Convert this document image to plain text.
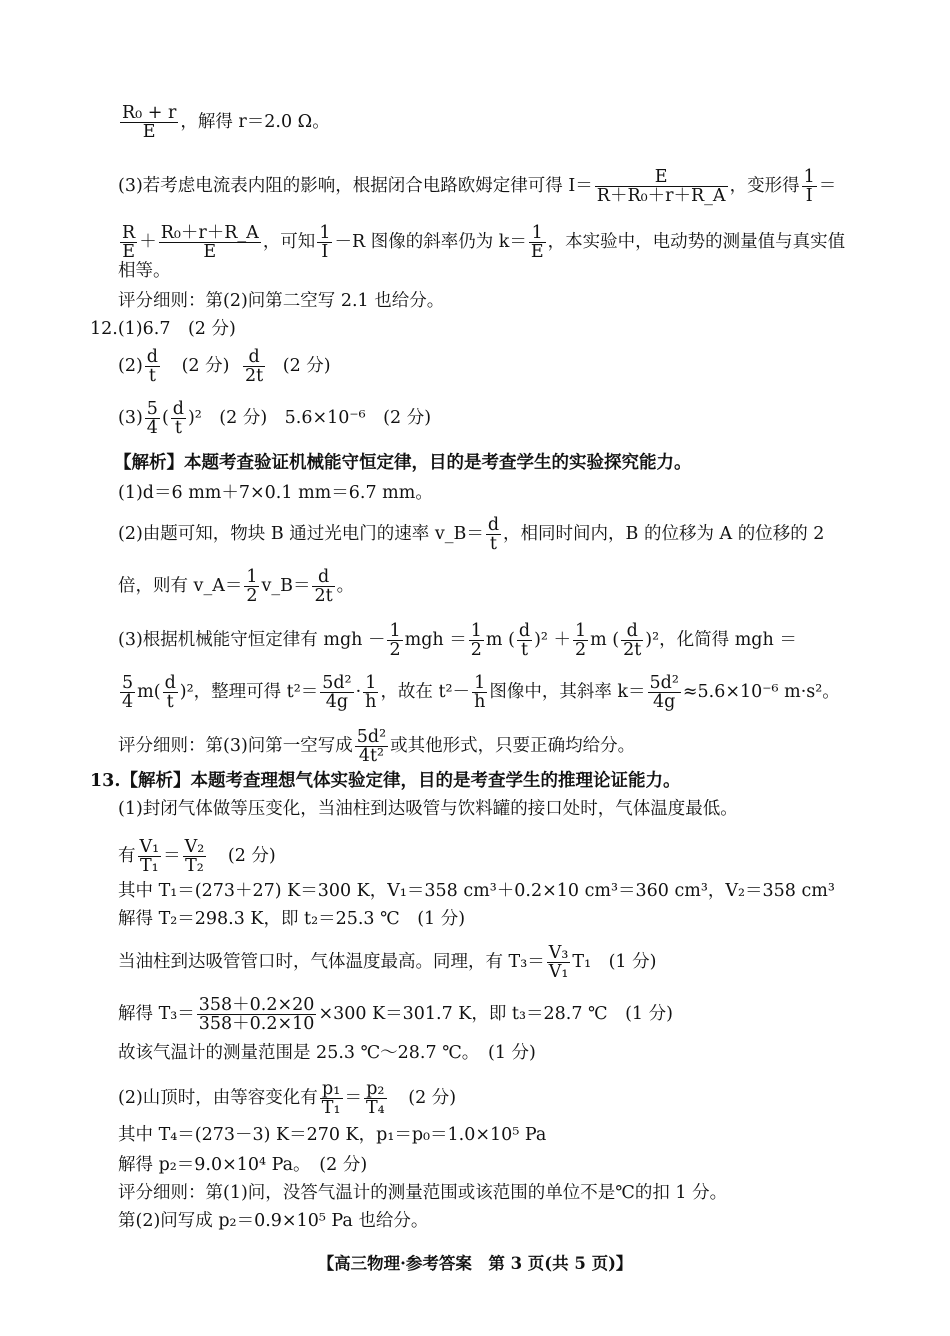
$\frac{\text{R₀ + r}}{E}$ ，解得 r＝2.0 Ω。
(3)若考虑电流表内阻的影响，根据闭合电路欧姆定律可得 $I= \frac{E}{\text{R＋R₀＋r＋R\_A}}$ ，变形得 $\frac{1}{I}$ ＝
$\frac{R}{E} + \frac{\text{R₀＋r＋R\_A}}{E}$ ，可知 $\frac{1}{I} -R$ 图像的斜率仍为 $k= \frac{1}{E}$ ，本实验中，电动势的测量值与真实值
相等。
评分细则：第(2)问第二空写 2.1 也给分。
12.(1)6.7　(2 分)
$(2) \frac{d}{t} (2$ 分) $\frac{d}{2t} (2$ 分)
$(3) \frac{5}{4}$ ( $\frac{d}{t} )^2$　(2 分)　5.6×10⁻⁶　(2 分)
【解析】本题考查验证机械能守恒定律，目的是考查学生的实验探究能力。
(1)d＝6 mm＋7×0.1 mm＝6.7 mm。
(2)由题可知，物块 B 通过光电门的速率 v_B＝ $\frac{d}{t}$ ，相同时间内，B 的位移为 A 的位移的 2
倍，则有 v_A＝ $\frac{1}{2}$ v_B＝ $\frac{d}{2t}$ 。
(3)根据机械能守恒定律有 mgh － $\frac{1}{2}$ mgh ＝ $\frac{1}{2}$ m ( $\frac{d}{t} )^2 + \frac{1}{2}$ m ( $\frac{d}{2t} )^2$，化简得 mgh ＝
$\frac{5}{4} m( \frac{d}{t} )^2$，整理可得 $t^2= \frac{\text{5d²}}{4g} \cdot \frac{1}{h}$ ，故在 $t^2- \frac{1}{h}$ 图像中，其斜率 $k= \frac{\text{5d²}}{4g} \approx 5.6\times 10^{-6}$ m·s²。
评分细则：第(3)问第一空写成 $\frac{\text{5d²}}{\text{4t²}}$ 或其他形式，只要正确均给分。
13.【解析】本题考查理想气体实验定律，目的是考查学生的推理论证能力。
(1)封闭气体做等压变化，当油柱到达吸管与饮料罐的接口处时，气体温度最低。
有 $\frac{\text{V₁}}{\text{T₁}} = \frac{\text{V₂}}{\text{T₂}} (2$ 分)
其中 T₁＝(273＋27) K＝300 K，V₁＝358 cm³＋0.2×10 cm³＝360 cm³，V₂＝358 cm³
解得 T₂＝298.3 K，即 t₂＝25.3 ℃　(1 分)
当油柱到达吸管管口时，气体温度最高。同理，有 $T_3= \frac{\text{V₃}}{\text{V₁}} T_1$　(1 分)
解得 $T_3= \frac{358+0.2\times 20}{358+0.2\times 10} \times 300$ K＝301.7 K，即 t₃＝28.7 ℃　(1 分)
故该气温计的测量范围是 25.3 ℃～28.7 ℃。　(1 分)
(2)山顶时，由等容变化有 $\frac{\text{p₁}}{\text{T₁}} = \frac{\text{p₂}}{\text{T₄}} (2$ 分)
其中 T₄＝(273－3) K＝270 K，p₁＝p₀＝1.0×10⁵ Pa
解得 p₂＝9.0×10⁴ Pa。　(2 分)
评分细则：第(1)问，没答气温计的测量范围或该范围的单位不是℃的扣 1 分。
第(2)问写成 p₂＝0.9×10⁵ Pa 也给分。
【高三物理·参考答案　第 3 页(共 5 页)】
